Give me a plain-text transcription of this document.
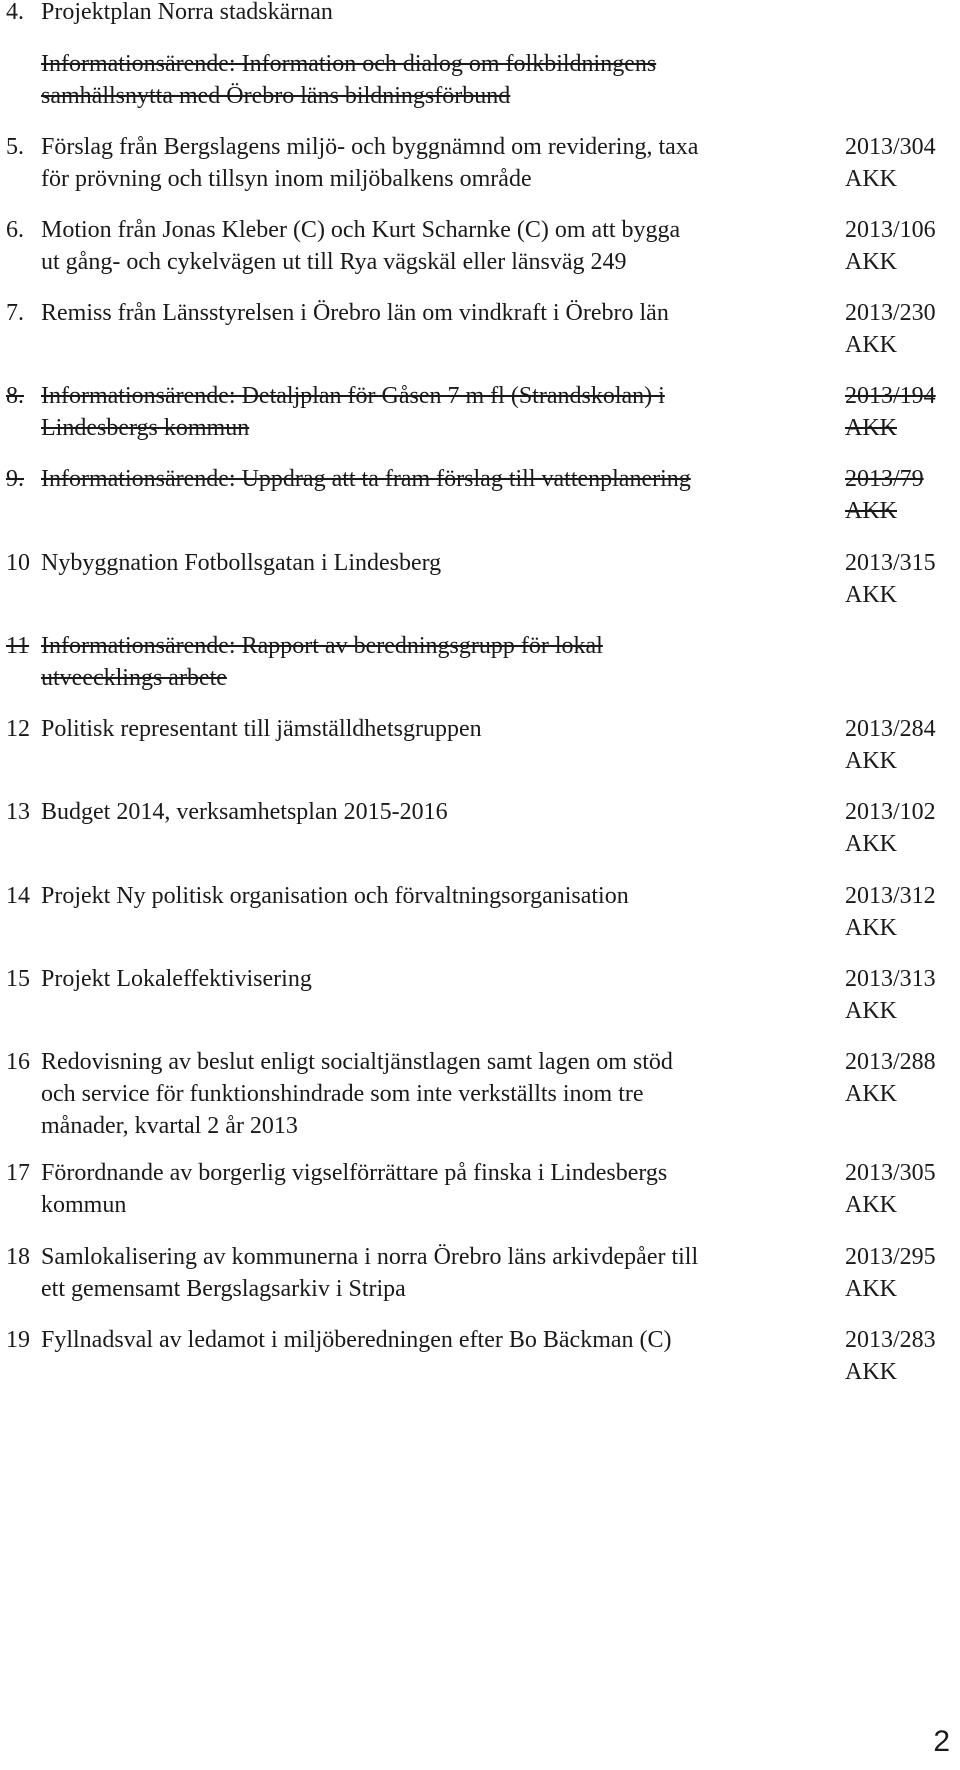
4. Projektplan Norra stadskärnan
Informationsärende: Information och dialog om folkbildningens
samhällsnytta med Örebro läns bildningsförbund
5. Förslag från Bergslagens miljö- och byggnämnd om revidering, taxa
för prövning och tillsyn inom miljöbalkens område
2013/304
AKK
6. Motion från Jonas Kleber (C) och Kurt Scharnke (C) om att bygga
ut gång- och cykelvägen ut till Rya vägskäl eller länsväg 249
2013/106
AKK
7. Remiss från Länsstyrelsen i Örebro län om vindkraft i Örebro län	2013/230
AKK
8. Informationsärende: Detaljplan för Gåsen 7 m fl (Strandskolan) i
Lindesbergs kommun
2013/194
AKK
9. Informationsärende: Uppdrag att ta fram förslag till vattenplanering	2013/79
AKK
10 Nybyggnation Fotbollsgatan i Lindesberg	2013/315
AKK
11 Informationsärende: Rapport av beredningsgrupp för lokal
utveecklings arbete
12 Politisk representant till jämställdhetsgruppen	2013/284
AKK
13 Budget 2014, verksamhetsplan 2015-2016	2013/102
AKK
14 Projekt Ny politisk organisation och förvaltningsorganisation	2013/312
AKK
15 Projekt Lokaleffektivisering	2013/313
AKK
16 Redovisning av beslut enligt socialtjänstlagen samt lagen om stöd
och service för funktionshindrade som inte verkställts inom tre
månader, kvartal 2 år 2013
2013/288
AKK
17 Förordnande av borgerlig vigselförrättare på finska i Lindesbergs
kommun
2013/305
AKK
18 Samlokalisering av kommunerna i norra Örebro läns arkivdepåer till
ett gemensamt Bergslagsarkiv i Stripa
2013/295
AKK
19 Fyllnadsval av ledamot i miljöberedningen efter Bo Bäckman (C)	2013/283
AKK
2
